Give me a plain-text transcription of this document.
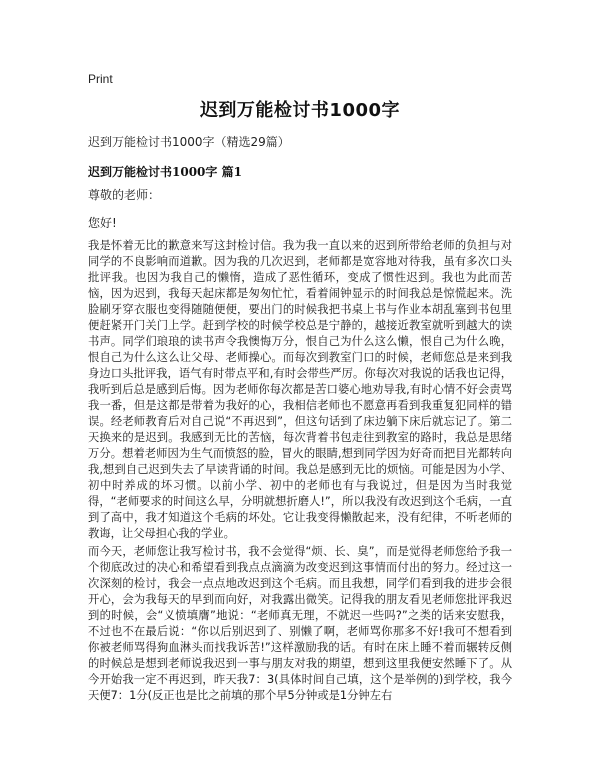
Print
迟到万能检讨书1000字
迟到万能检讨书1000字（精选29篇）
迟到万能检讨书1000字 篇1
尊敬的老师：
您好!
我是怀着无比的歉意来写这封检讨信。我为我一直以来的迟到所带给老师的负担与对同学的不良影响而道歉。因为我的几次迟到，老师都是宽容地对待我，虽有多次口头批评我。也因为我自己的懒惰，造成了恶性循环，变成了惯性迟到。我也为此而苦恼，因为迟到，我每天起床都是匆匆忙忙，看着闹钟显示的时间我总是惊慌起来。洗脸刷牙穿衣服也变得随随便便，要出门的时候我把书桌上书与作业本胡乱塞到书包里便赶紧开门关门上学。赶到学校的时候学校总是宁静的，越接近教室就听到越大的读书声。同学们琅琅的读书声令我懊悔万分，恨自己为什么这么懒，恨自己为什么晚，恨自己为什么这么让父母、老师操心。而每次到教室门口的时候，老师您总是来到我身边口头批评我，语气有时带点平和,有时会带些严厉。你每次对我说的话我也记得，我听到后总是感到后悔。因为老师你每次都是苦口婆心地劝导我,有时心情不好会责骂我一番，但是这都是带着为我好的心，我相信老师也不愿意再看到我重复犯同样的错误。经老师教育后对自己说“不再迟到”，但这句话到了床边躺下床后就忘记了。第二天换来的是迟到。我感到无比的苦恼，每次背着书包走往到教室的路时，我总是思绪万分。想着老师因为生气而愤怒的脸，冒火的眼睛,想到同学因为好奇而把目光都转向我,想到自己迟到失去了早读背诵的时间。我总是感到无比的烦恼。可能是因为小学、初中时养成的坏习惯。以前小学、初中的老师也有与我说过，但是因为当时我觉得，“老师要求的时间这么早，分明就想折磨人!”，所以我没有改迟到这个毛病，一直到了高中，我才知道这个毛病的坏处。它让我变得懒散起来，没有纪律，不听老师的教诲，让父母担心我的学业。
而今天，老师您让我写检讨书，我不会觉得“烦、长、臭”，而是觉得老师您给予我一个彻底改过的决心和希望看到我点点滴滴为改变迟到这事情而付出的努力。经过这一次深刻的检讨，我会一点点地改迟到这个毛病。而且我想，同学们看到我的进步会很开心，会为我每天的早到而向好，对我露出微笑。记得我的朋友看见老师您批评我迟到的时候，会“义愤填膺”地说：“老师真无理，不就迟一些吗?”之类的话来安慰我，不过也不在最后说：“你以后别迟到了、别懒了啊，老师骂你那多不好!我可不想看到你被老师骂得狗血淋头而找我诉苦!”这样激励我的话。有时在床上睡不着而辗转反侧的时候总是想到老师说我迟到一事与朋友对我的期望，想到这里我便安然睡下了。从今开始我一定不再迟到，昨天我7：3(具体时间自己填，这个是举例的)到学校，我今天便7：1分(反正也是比之前填的那个早5分钟或是1分钟左右
